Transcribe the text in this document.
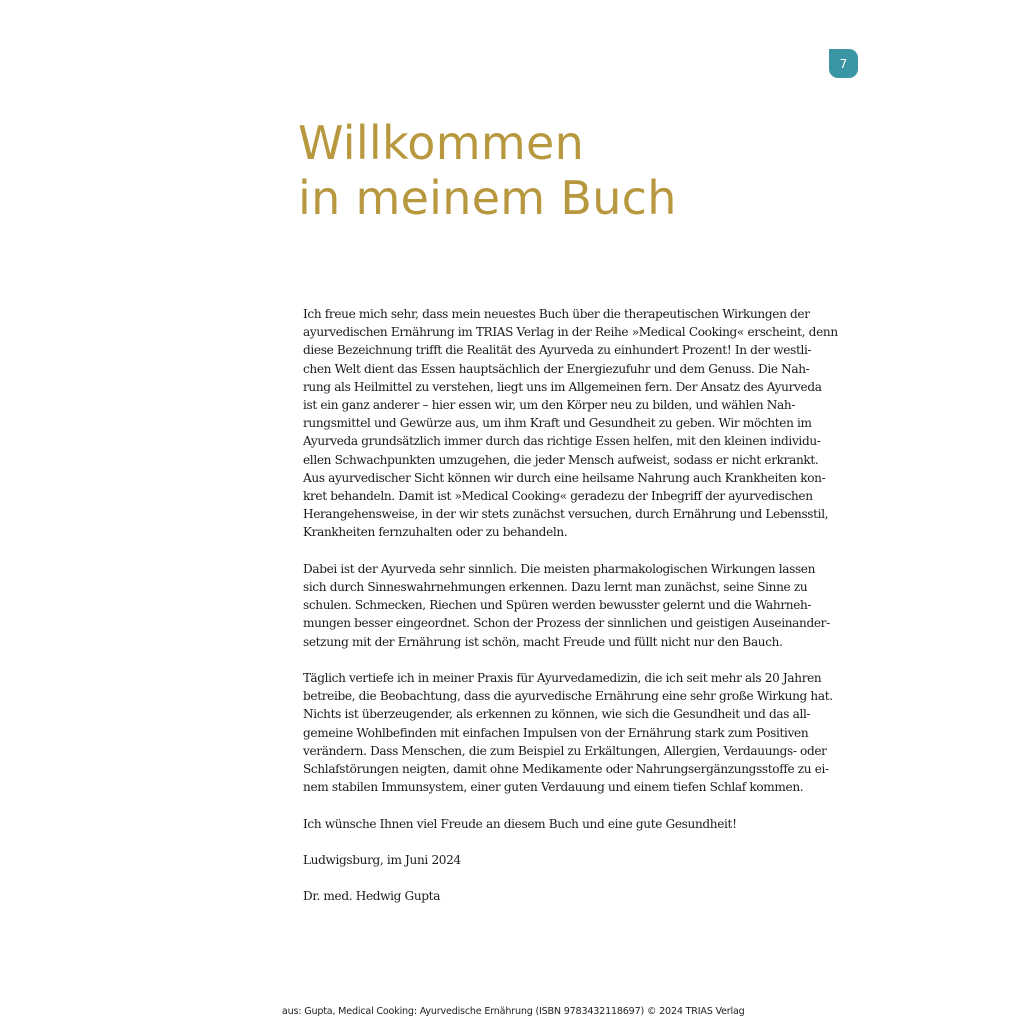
7
Willkommen
in meinem Buch

Ich freue mich sehr, dass mein neuestes Buch über die therapeutischen Wirkungen der
ayurvedischen Ernährung im TRIAS Verlag in der Reihe »Medical Cooking« erscheint, denn
diese Bezeichnung trifft die Realität des Ayurveda zu einhundert Prozent! In der westli-
chen Welt dient das Essen hauptsächlich der Energiezufuhr und dem Genuss. Die Nah-
rung als Heilmittel zu verstehen, liegt uns im Allgemeinen fern. Der Ansatz des Ayurveda
ist ein ganz anderer – hier essen wir, um den Körper neu zu bilden, und wählen Nah-
rungsmittel und Gewürze aus, um ihm Kraft und Gesundheit zu geben. Wir möchten im
Ayurveda grundsätzlich immer durch das richtige Essen helfen, mit den kleinen individu-
ellen Schwachpunkten umzugehen, die jeder Mensch aufweist, sodass er nicht erkrankt.
Aus ayurvedischer Sicht können wir durch eine heilsame Nahrung auch Krankheiten kon-
kret behandeln. Damit ist »Medical Cooking« geradezu der Inbegriff der ayurvedischen
Herangehensweise, in der wir stets zunächst versuchen, durch Ernährung und Lebensstil,
Krankheiten fernzuhalten oder zu behandeln.

Dabei ist der Ayurveda sehr sinnlich. Die meisten pharmakologischen Wirkungen lassen
sich durch Sinneswahrnehmungen erkennen. Dazu lernt man zunächst, seine Sinne zu
schulen. Schmecken, Riechen und Spüren werden bewusster gelernt und die Wahrneh-
mungen besser eingeordnet. Schon der Prozess der sinnlichen und geistigen Auseinander-
setzung mit der Ernährung ist schön, macht Freude und füllt nicht nur den Bauch.

Täglich vertiefe ich in meiner Praxis für Ayurvedamedizin, die ich seit mehr als 20 Jahren
betreibe, die Beobachtung, dass die ayurvedische Ernährung eine sehr große Wirkung hat.
Nichts ist überzeugender, als erkennen zu können, wie sich die Gesundheit und das all-
gemeine Wohlbefinden mit einfachen Impulsen von der Ernährung stark zum Positiven
verändern. Dass Menschen, die zum Beispiel zu Erkältungen, Allergien, Verdauungs- oder
Schlafstörungen neigten, damit ohne Medikamente oder Nahrungsergänzungsstoffe zu ei-
nem stabilen Immunsystem, einer guten Verdauung und einem tiefen Schlaf kommen.

Ich wünsche Ihnen viel Freude an diesem Buch und eine gute Gesundheit!

Ludwigsburg, im Juni 2024

Dr. med. Hedwig Gupta

aus: Gupta, Medical Cooking: Ayurvedische Ernährung (ISBN 9783432118697) © 2024 TRIAS Verlag
